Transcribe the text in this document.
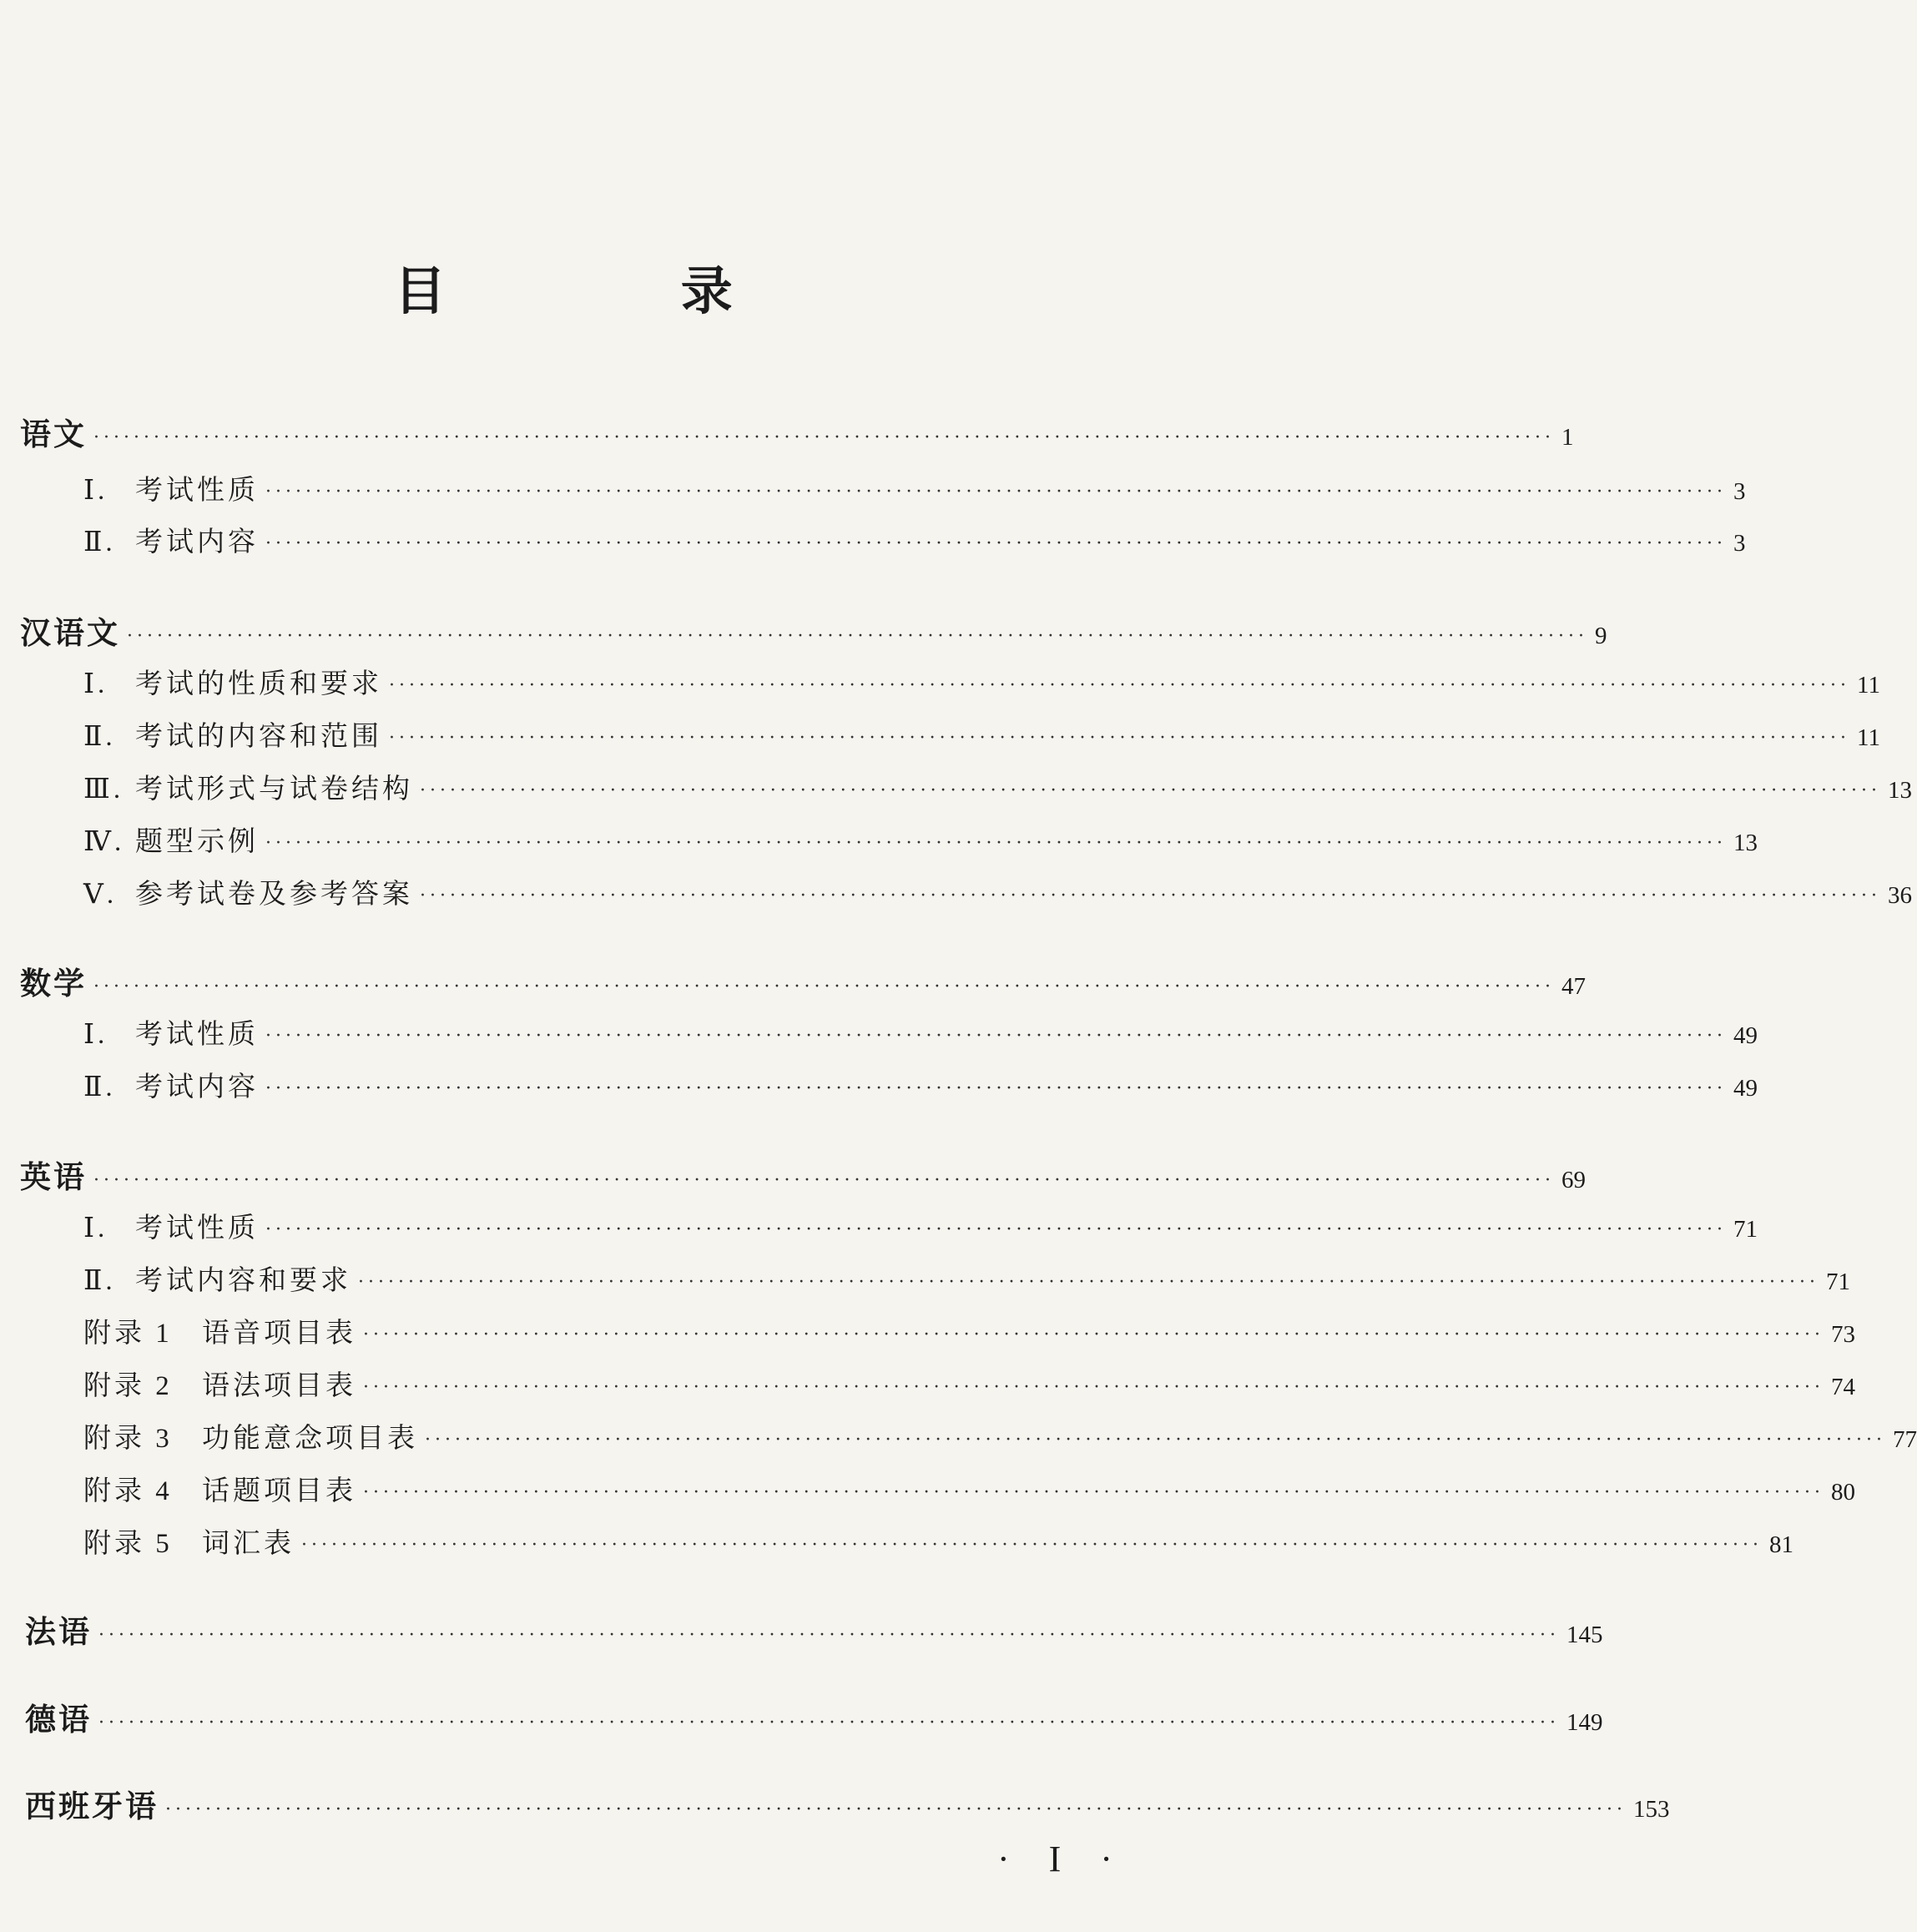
目 录
语文 ·················································································································································· 1
Ⅰ. 考试性质 ·················································································································································· 3
Ⅱ. 考试内容 ·················································································································································· 3
汉语文 ·················································································································································· 9
Ⅰ. 考试的性质和要求 ·················································································································································· 11
Ⅱ. 考试的内容和范围 ·················································································································································· 11
Ⅲ. 考试形式与试卷结构 ·················································································································································· 13
Ⅳ. 题型示例 ·················································································································································· 13
Ⅴ. 参考试卷及参考答案 ·················································································································································· 36
数学 ·················································································································································· 47
Ⅰ. 考试性质 ·················································································································································· 49
Ⅱ. 考试内容 ·················································································································································· 49
英语 ·················································································································································· 69
Ⅰ. 考试性质 ·················································································································································· 71
Ⅱ. 考试内容和要求 ·················································································································································· 71
附录 1 语音项目表 ·················································································································································· 73
附录 2 语法项目表 ·················································································································································· 74
附录 3 功能意念项目表 ·················································································································································· 77
附录 4 话题项目表 ·················································································································································· 80
附录 5 词汇表 ·················································································································································· 81
法语 ·················································································································································· 145
德语 ·················································································································································· 149
西班牙语 ·················································································································································· 153
· I ·
